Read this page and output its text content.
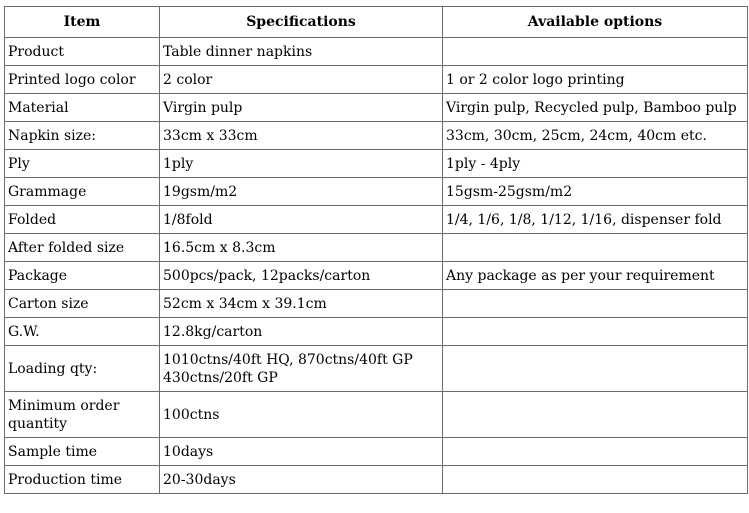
Item	Specifications	Available options
Product	Table dinner napkins	

Printed logo color	2 color	1 or 2 color logo printing
Material	Virgin pulp	Virgin pulp, Recycled pulp, Bamboo pulp
Napkin size:	33cm x 33cm	33cm, 30cm, 25cm, 24cm, 40cm etc.
Ply	1ply	1ply - 4ply
Grammage	19gsm/m2	15gsm-25gsm/m2
Folded	1/8fold	1/4, 1/6, 1/8, 1/12, 1/16, dispenser fold
After folded size	16.5cm x 8.3cm	

Package	500pcs/pack, 12packs/carton	Any package as per your requirement
Carton size	52cm x 34cm x 39.1cm	

G.W.	12.8kg/carton	

Loading qty:	1010ctns/40ft HQ, 870ctns/40ft GP
430ctns/20ft GP	

Minimum order quantity	100ctns	

Sample time	10days	

Production time	20-30days	
